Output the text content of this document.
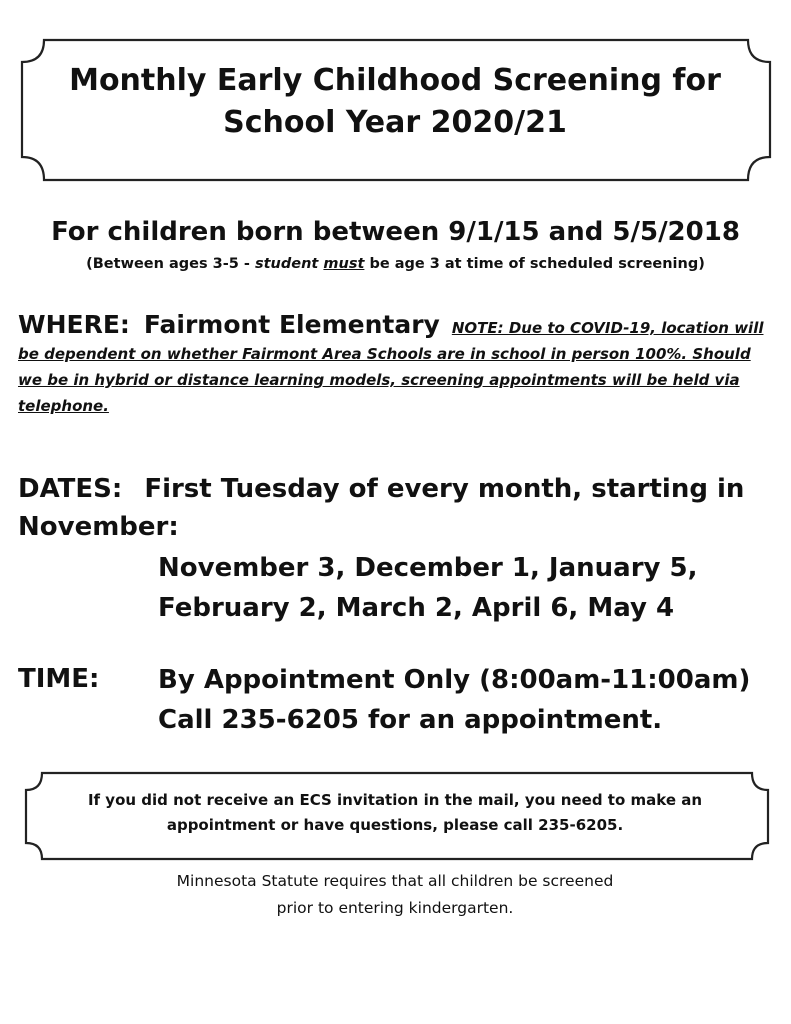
Monthly Early Childhood Screening for
School Year 2020/21
For children born between 9/1/15 and 5/5/2018
(Between ages 3-5 - student must be age 3 at time of scheduled screening)
WHERE: Fairmont Elementary NOTE: Due to COVID-19, location will be dependent on whether Fairmont Area Schools are in school in person 100%. Should we be in hybrid or distance learning models, screening appointments will be held via telephone.
DATES: First Tuesday of every month, starting in November:
November 3, December 1, January 5,
February 2, March 2, April 6, May 4
TIME: By Appointment Only (8:00am-11:00am)
Call 235-6205 for an appointment.
If you did not receive an ECS invitation in the mail, you need to make an appointment or have questions, please call 235-6205.
Minnesota Statute requires that all children be screened
prior to entering kindergarten.
